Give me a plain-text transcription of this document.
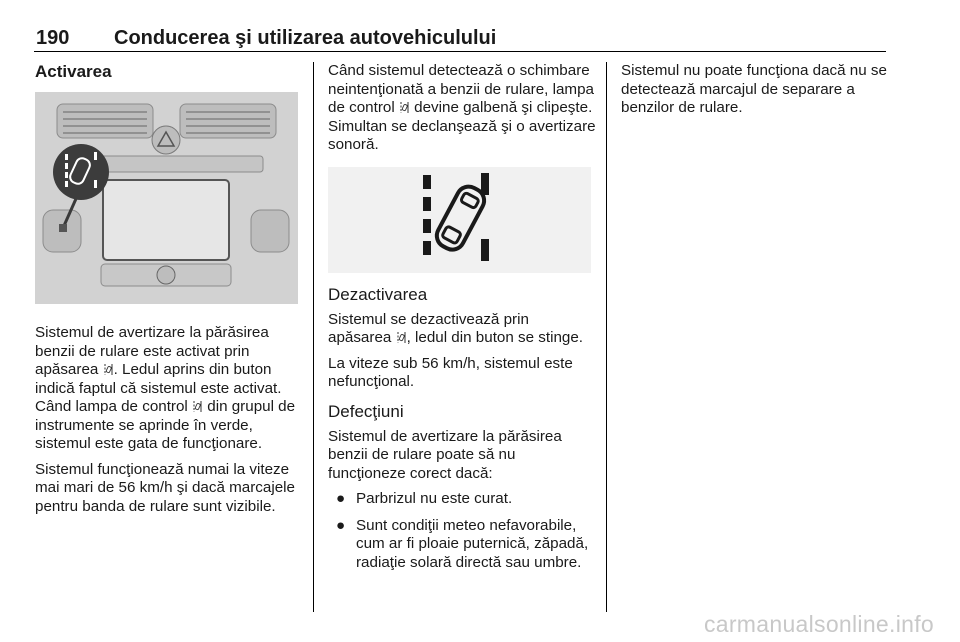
190 Conducerea şi utilizarea autovehiculului
Activarea

Sistemul de avertizare la părăsirea benzii de rulare este activat prin apăsarea . Ledul aprins din buton indică faptul că sistemul este activat. Când lampa de control  din grupul de instrumente se aprinde în verde, sistemul este gata de funcţionare.

Sistemul funcţionează numai la viteze mai mari de 56 km/h şi dacă marcajele pentru banda de rulare sunt vizibile.

Când sistemul detectează o schimbare neintenţionată a benzii de rulare, lampa de control  devine galbenă şi clipeşte. Simultan se declanşează şi o avertizare sonoră.

Dezactivarea

Sistemul se dezactivează prin apăsarea , ledul din buton se stinge.

La viteze sub 56 km/h, sistemul este nefuncţional.

Defecţiuni

Sistemul de avertizare la părăsirea benzii de rulare poate să nu funcţioneze corect dacă:

● Parbrizul nu este curat.
● Sunt condiţii meteo nefavorabile, cum ar fi ploaie puternică, zăpadă, radiaţie solară directă sau umbre.

Sistemul nu poate funcţiona dacă nu se detectează marcajul de separare a benzilor de rulare.

carmanualsonline.info
